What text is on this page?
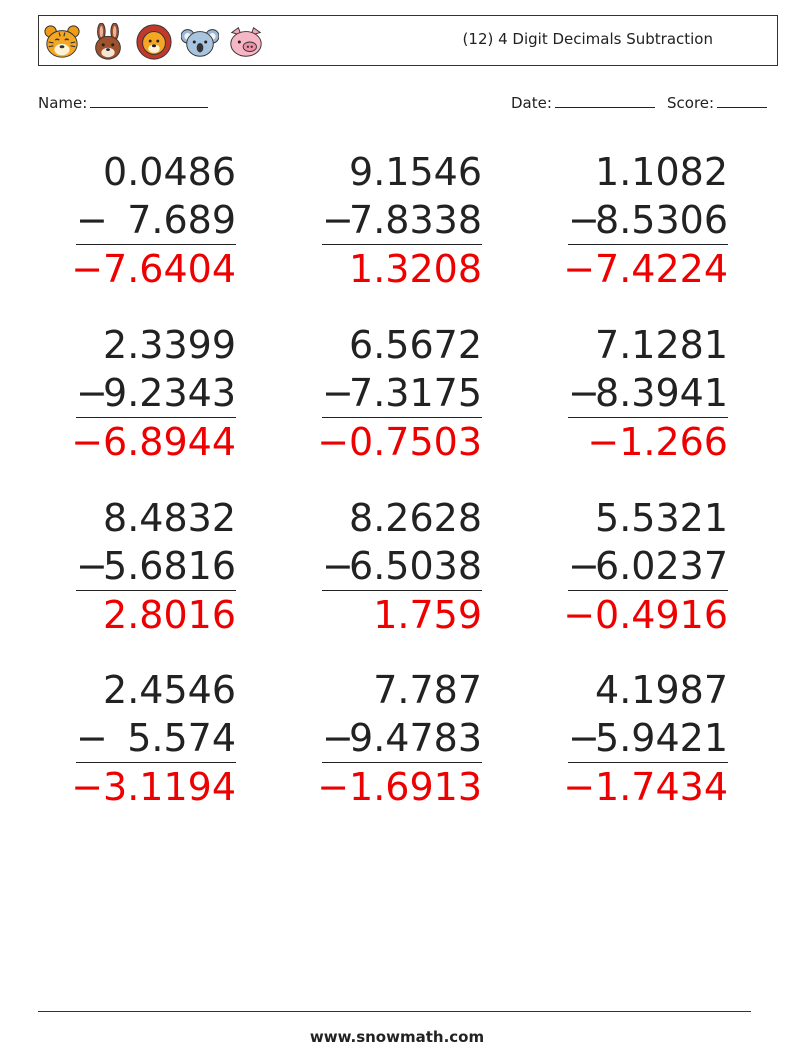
(12) 4 Digit Decimals Subtraction
Name:	Date:	Score:
0.0486
− 7.689
−7.6404
9.1546
−
7.8338
1.3208
1.1082
−
8.5306
−7.4224
2.3399
−
9.2343
−6.8944
6.5672
−
7.3175
−0.7503
7.1281
−
8.3941
−1.266
8.4832
−
5.6816
2.8016
8.2628
−
6.5038
1.759
5.5321
−
6.0237
−0.4916
2.4546
− 5.574
−3.1194
7.787
−
9.4783
−1.6913
4.1987
−
5.9421
−1.7434
www.snowmath.com
